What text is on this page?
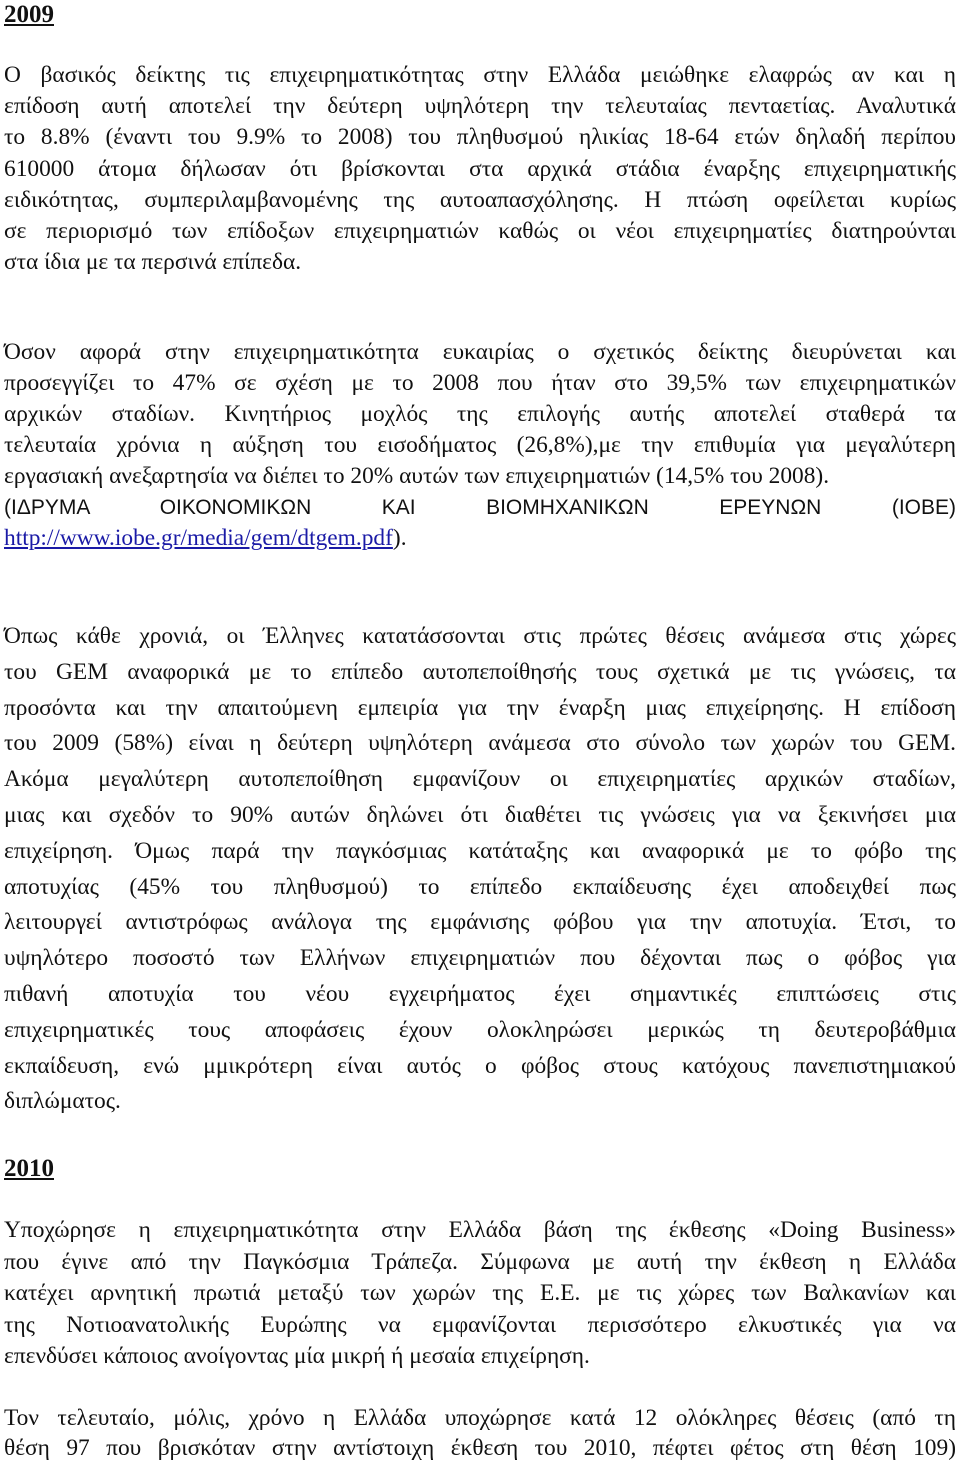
2009
Ο βασικός δείκτης τις επιχειρηματικότητας στην Ελλάδα μειώθηκε ελαφρώς αν και η
επίδοση αυτή αποτελεί την δεύτερη υψηλότερη την τελευταίας πενταετίας. Αναλυτικά
το 8.8% (έναντι του 9.9% το 2008) του πληθυσμού ηλικίας 18-64 ετών δηλαδή περίπου
610000 άτομα δήλωσαν ότι βρίσκονται στα αρχικά στάδια έναρξης επιχειρηματικής
ειδικότητας, συμπεριλαμβανομένης της αυτοαπασχόλησης. Η πτώση οφείλεται κυρίως
σε περιορισμό των επίδοξων επιχειρηματιών καθώς οι νέοι επιχειρηματίες διατηρούνται
στα ίδια με τα περσινά επίπεδα.
Όσον αφορά στην επιχειρηματικότητα ευκαιρίας ο σχετικός δείκτης διευρύνεται και
προσεγγίζει το 47% σε σχέση με το 2008 που ήταν στο 39,5% των επιχειρηματικών
αρχικών σταδίων. Κινητήριος μοχλός της επιλογής αυτής αποτελεί σταθερά τα
τελευταία χρόνια η αύξηση του εισοδήματος (26,8%),με την επιθυμία για μεγαλύτερη
εργασιακή ανεξαρτησία να διέπει το 20% αυτών των επιχειρηματιών (14,5% του 2008).
(ΙΔΡΥΜΑ ΟΙΚΟΝΟΜΙΚΩΝ ΚΑΙ ΒΙΟΜΗΧΑΝΙΚΩΝ ΕΡΕΥΝΩΝ (ΙΟΒΕ)
http://www.iobe.gr/media/gem/dtgem.pdf).
Όπως κάθε χρονιά, οι Έλληνες κατατάσσονται στις πρώτες θέσεις ανάμεσα στις χώρες
του GEM αναφορικά με το επίπεδο αυτοπεποίθησής τους σχετικά με τις γνώσεις, τα
προσόντα και την απαιτούμενη εμπειρία για την έναρξη μιας επιχείρησης. Η επίδοση
του 2009 (58%) είναι η δεύτερη υψηλότερη ανάμεσα στο σύνολο των χωρών του GEM.
Ακόμα μεγαλύτερη αυτοπεποίθηση εμφανίζουν οι επιχειρηματίες αρχικών σταδίων,
μιας και σχεδόν το 90% αυτών δηλώνει ότι διαθέτει τις γνώσεις για να ξεκινήσει μια
επιχείρηση. Όμως παρά την παγκόσμιας κατάταξης και αναφορικά με το φόβο της
αποτυχίας (45% του πληθυσμού) το επίπεδο εκπαίδευσης έχει αποδειχθεί πως
λειτουργεί αντιστρόφως ανάλογα της εμφάνισης φόβου για την αποτυχία. Έτσι, το
υψηλότερο ποσοστό των Ελλήνων επιχειρηματιών που δέχονται πως ο φόβος για
πιθανή αποτυχία του νέου εγχειρήματος έχει σημαντικές επιπτώσεις στις
επιχειρηματικές τους αποφάσεις έχουν ολοκληρώσει μερικώς τη δευτεροβάθμια
εκπαίδευση, ενώ μμικρότερη είναι αυτός ο φόβος στους κατόχους πανεπιστημιακού
διπλώματος.
2010
Υποχώρησε η επιχειρηματικότητα στην Ελλάδα βάση της έκθεσης «Doing Business»
που έγινε από την Παγκόσμια Τράπεζα. Σύμφωνα με αυτή την έκθεση η Ελλάδα
κατέχει αρνητική πρωτιά μεταξύ των χωρών της Ε.Ε. με τις χώρες των Βαλκανίων και
της Νοτιοανατολικής Ευρώπης να εμφανίζονται περισσότερο ελκυστικές για να
επενδύσει κάποιος ανοίγοντας μία μικρή ή μεσαία επιχείρηση.
Τον τελευταίο, μόλις, χρόνο η Ελλάδα υποχώρησε κατά 12 ολόκληρες θέσεις (από τη
θέση 97 που βρισκόταν στην αντίστοιχη έκθεση του 2010, πέφτει φέτος στη θέση 109)
